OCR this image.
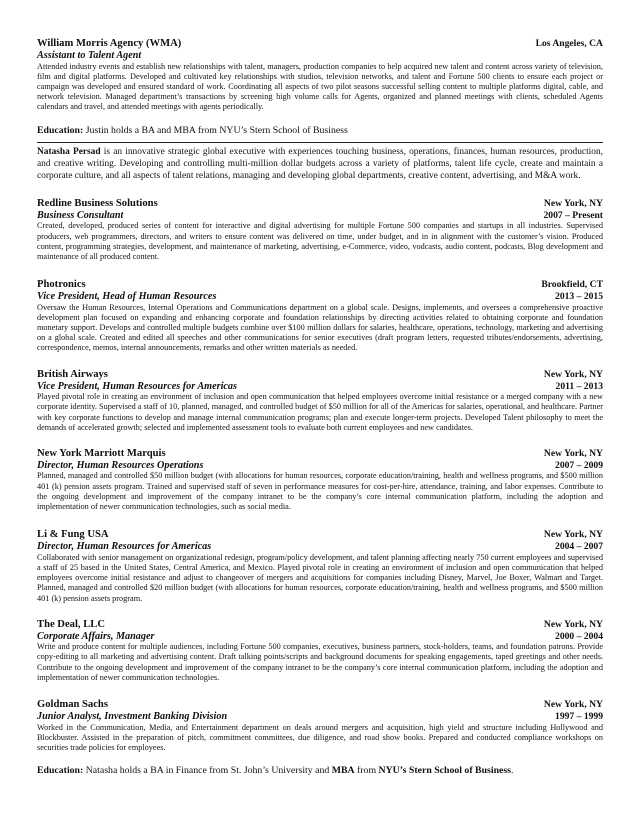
William Morris Agency (WMA)	Los Angeles, CA
Assistant to Talent Agent

Attended industry events and establish new relationships with talent, managers, production companies to help acquired new talent and content across variety of television, film and digital platforms. Developed and cultivated key relationships with studios, television networks, and talent and Fortune 500 clients to ensure each project or campaign was developed and ensured standard of work. Coordinating all aspects of two pilot seasons successful selling content to multiple platforms digital, cable, and network television. Managed department’s transactions by screening high volume calls for Agents, organized and planned meetings with clients, scheduled Agents calendars and travel, and attended meetings with agents periodically.

Education: Justin holds a BA and MBA from NYU’s Stern School of Business

Natasha Persad is an innovative strategic global executive with experiences touching business, operations, finances, human resources, production, and creative writing. Developing and controlling multi-million dollar budgets across a variety of platforms, talent life cycle, create and maintain a corporate culture, and all aspects of talent relations, managing and developing global departments, creative content, advertising, and M&A work.

Redline Business Solutions	New York, NY
Business Consultant	2007 – Present

Created, developed, produced series of content for interactive and digital advertising for multiple Fortune 500 companies and startups in all industries. Supervised producers, web programmers, directors, and writers to ensure content was delivered on time, under budget, and in in alignment with the customer’s vision. Produced content, programming strategies, development, and maintenance of marketing, advertising, e-Commerce, video, vodcasts, audio content, podcasts, Blog development and maintenance of all produced content.

Photronics	Brookfield, CT
Vice President, Head of Human Resources	2013 – 2015

Oversaw the Human Resources, Internal Operations and Communications department on a global scale. Designs, implements, and oversees a comprehensive proactive development plan focused on expanding and enhancing corporate and foundation relationships by directing activities related to obtaining corporate and foundation monetary support. Develops and controlled multiple budgets combine over $100 million dollars for salaries, healthcare, operations, technology, marketing and advertising on a global scale. Created and edited all speeches and other communications for senior executives (draft program letters, requested tributes/endorsements, advertising, correspondence, memos, internal announcements, remarks and other written materials as needed.

British Airways	New York, NY
Vice President, Human Resources for Americas	2011 – 2013

Played pivotal role in creating an environment of inclusion and open communication that helped employees overcome initial resistance or a merged company with a new corporate identity. Supervised a staff of 10, planned, managed, and controlled budget of $50 million for all of the Americas for salaries, operational, and healthcare. Partner with key corporate functions to develop and manage internal communication programs; plan and execute longer-term projects. Developed Talent philosophy to meet the demands of accelerated growth; selected and implemented assessment tools to evaluate both current employees and new candidates.

New York Marriott Marquis	New York, NY
Director, Human Resources Operations	2007 – 2009

Planned, managed and controlled $50 million budget (with allocations for human resources, corporate education/training, health and wellness programs, and $500 million 401 (k) pension assets program. Trained and supervised staff of seven in performance measures for cost-per-hire, attendance, training, and labor expenses. Contribute to the ongoing development and improvement of the company intranet to be the company’s core internal communication platform, including the adoption and implementation of newer communication technologies, such as social media.

Li & Fung USA	New York, NY
Director, Human Resources for Americas	2004 – 2007

Collaborated with senior management on organizational redesign, program/policy development, and talent planning affecting nearly 750 current employees and supervised a staff of 25 based in the United States, Central America, and Mexico. Played pivotal role in creating an environment of inclusion and open communication that helped employees overcome initial resistance and adjust to changeover of mergers and acquisitions for companies including Disney, Marvel, Joe Boxer, Walmart and Target. Planned, managed and controlled $20 million budget (with allocations for human resources, corporate education/training, health and wellness programs, and $500 million 401 (k) pension assets program.

The Deal, LLC	New York, NY
Corporate Affairs, Manager	2000 – 2004

Write and produce content for multiple audiences, including Fortune 500 companies, executives, business partners, stock-holders, teams, and foundation patrons. Provide copy-editing to all marketing and advertising content. Draft talking points/scripts and background documents for speaking engagements, taped greetings and other needs. Contribute to the ongoing development and improvement of the company intranet to be the company’s core internal communication platform, including the adoption and implementation of newer communication technologies.

Goldman Sachs	New York, NY
Junior Analyst, Investment Banking Division	1997 – 1999

Worked in the Communication, Media, and Entertainment department on deals around mergers and acquisition, high yield and structure including Hollywood and Blockbuster. Assisted in the preparation of pitch, commitment committees, due diligence, and road show books. Prepared and conducted compliance workshops on securities trade policies for employees.

Education: Natasha holds a BA in Finance from St. John’s University and MBA from NYU’s Stern School of Business.
